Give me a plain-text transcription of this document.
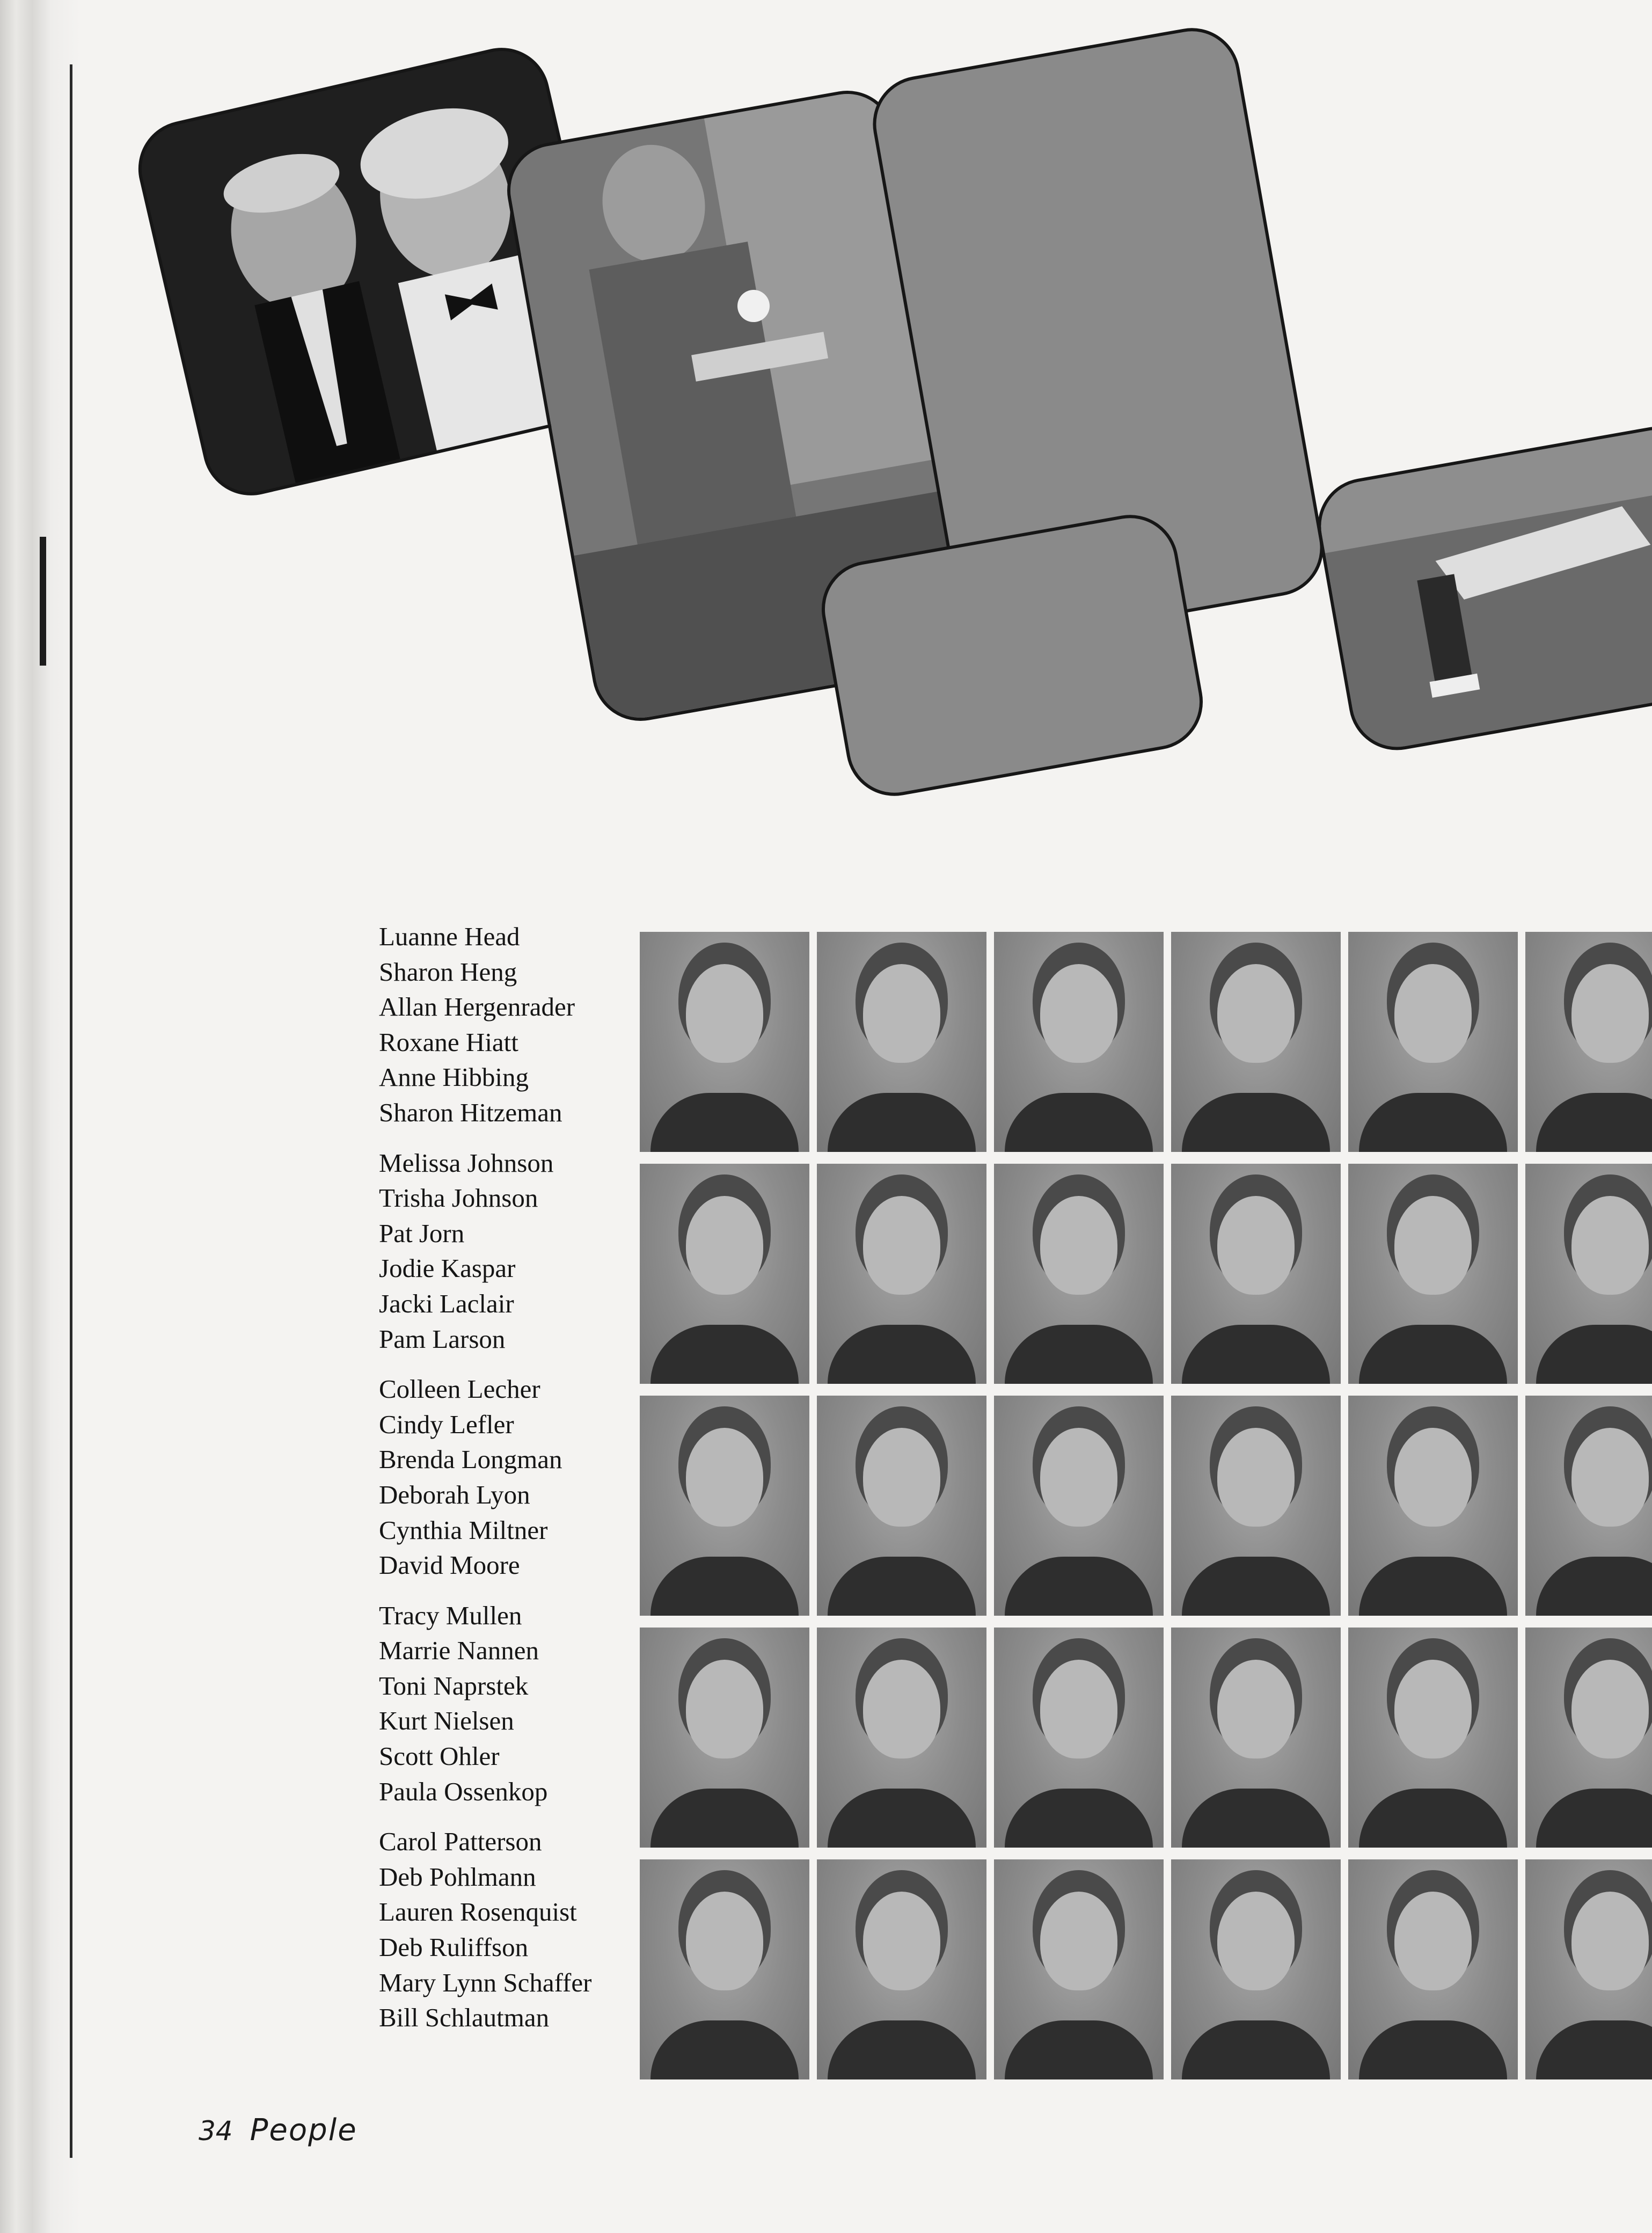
Luanne Head
Sharon Heng
Allan Hergenrader
Roxane Hiatt
Anne Hibbing
Sharon Hitzeman
Melissa Johnson
Trisha Johnson
Pat Jorn
Jodie Kaspar
Jacki Laclair
Pam Larson
Colleen Lecher
Cindy Lefler
Brenda Longman
Deborah Lyon
Cynthia Miltner
David Moore
Tracy Mullen
Marrie Nannen
Toni Naprstek
Kurt Nielsen
Scott Ohler
Paula Ossenkop
Carol Patterson
Deb Pohlmann
Lauren Rosenquist
Deb Ruliffson
Mary Lynn Schaffer
Bill Schlautman
34 People
